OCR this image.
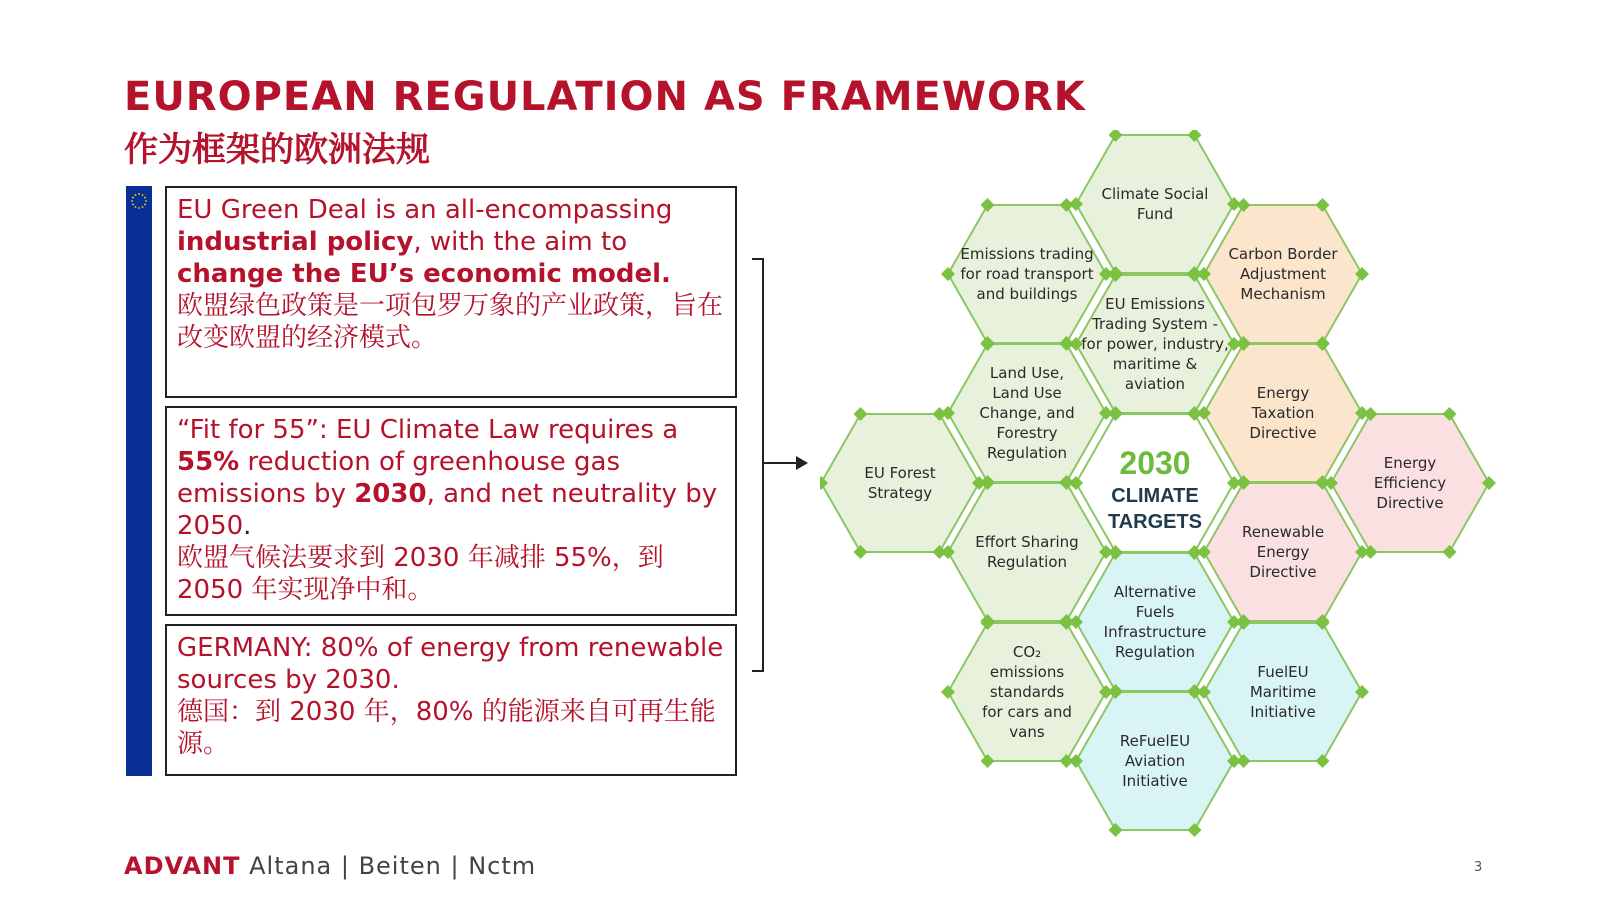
EUROPEAN REGULATION AS FRAMEWORK
作为框架的欧洲法规
EU Green Deal is an all-encompassing industrial policy, with the aim to change the EU’s economic model.
欧盟绿色政策是一项包罗万象的产业政策，旨在改变欧盟的经济模式。
“Fit for 55”: EU Climate Law requires a 55% reduction of greenhouse gas emissions by 2030, and net neutrality by 2050.
欧盟气候法要求到 2030 年减排 55%，到 2050 年实现净中和。
GERMANY: 80% of energy from renewable sources by 2030.
德国：到 2030 年，80% 的能源来自可再生能源。
Climate Social Fund
Emissions trading for road transport and buildings
Carbon Border Adjustment Mechanism
EU Emissions Trading System -for power, industry, maritime & aviation
Land Use, Land Use Change, and Forestry Regulation
Energy Taxation Directive
EU Forest Strategy
Energy Efficiency Directive
Effort Sharing Regulation
Renewable Energy Directive
Alternative Fuels Infrastructure Regulation
CO₂ emissions standards for cars and vans
FuelEU Maritime Initiative
ReFuelEU Aviation Initiative
2030
CLIMATE
TARGETS
ADVANT Altana | Beiten | Nctm	3
